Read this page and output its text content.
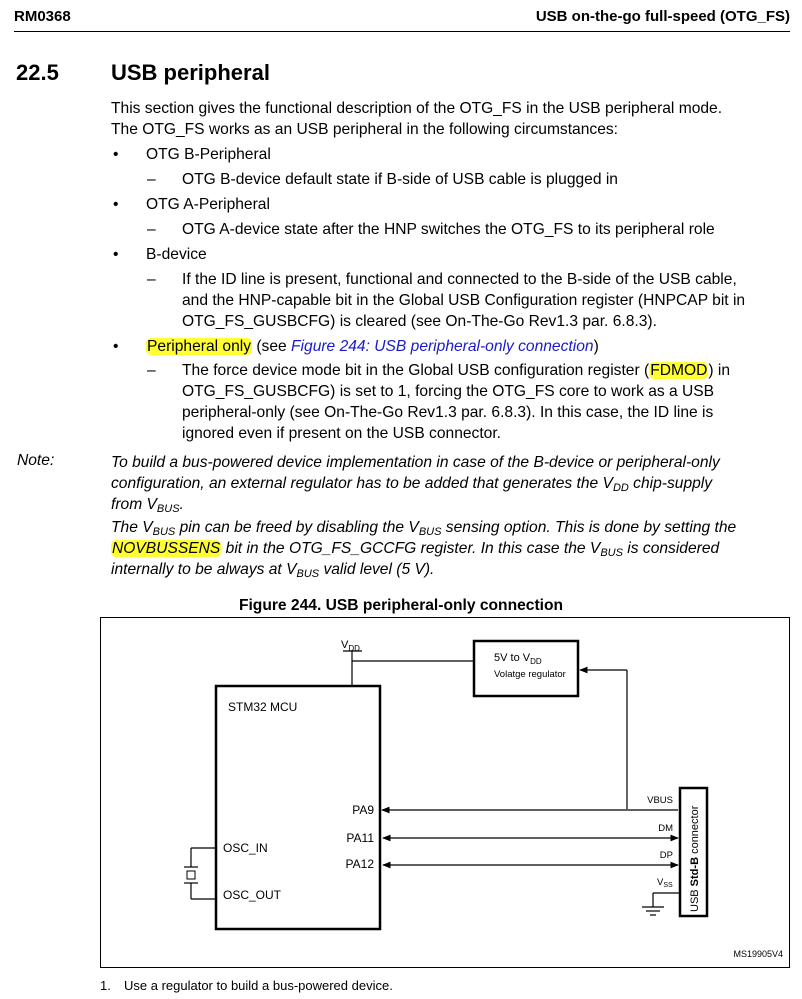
RM0368	USB on-the-go full-speed (OTG_FS)
22.5 USB peripheral
This section gives the functional description of the OTG_FS in the USB peripheral mode.
The OTG_FS works as an USB peripheral in the following circumstances:
• OTG B-Peripheral
– OTG B-device default state if B-side of USB cable is plugged in
• OTG A-Peripheral
– OTG A-device state after the HNP switches the OTG_FS to its peripheral role
• B-device
– If the ID line is present, functional and connected to the B-side of the USB cable,
and the HNP-capable bit in the Global USB Configuration register (HNPCAP bit in
OTG_FS_GUSBCFG) is cleared (see On-The-Go Rev1.3 par. 6.8.3).
• Peripheral only (see Figure 244: USB peripheral-only connection)
– The force device mode bit in the Global USB configuration register (FDMOD) in
OTG_FS_GUSBCFG) is set to 1, forcing the OTG_FS core to work as a USB
peripheral-only (see On-The-Go Rev1.3 par. 6.8.3). In this case, the ID line is
ignored even if present on the USB connector.
Note:	To build a bus-powered device implementation in case of the B-device or peripheral-only
configuration, an external regulator has to be added that generates the $V_{DD}$ chip-supply
from $V_{BUS}$.
The $V_{BUS}$ pin can be freed by disabling the $V_{BUS}$ sensing option. This is done by setting the
NOVBUSSENS bit in the OTG_FS_GCCFG register. In this case the $V_{BUS}$ is considered
internally to be always at $V_{BUS}$ valid level (5 V).
Figure 244. USB peripheral-only connection
$V_{DD}$
5V to $V_{DD}$
Volatge regulator
STM32 MCU
PA9
PA11
PA12
OSC_IN
OSC_OUT
VBUS
DM
DP
$V_{SS}$
USB Std-B connector
MS19905V4
1. Use a regulator to build a bus-powered device.
